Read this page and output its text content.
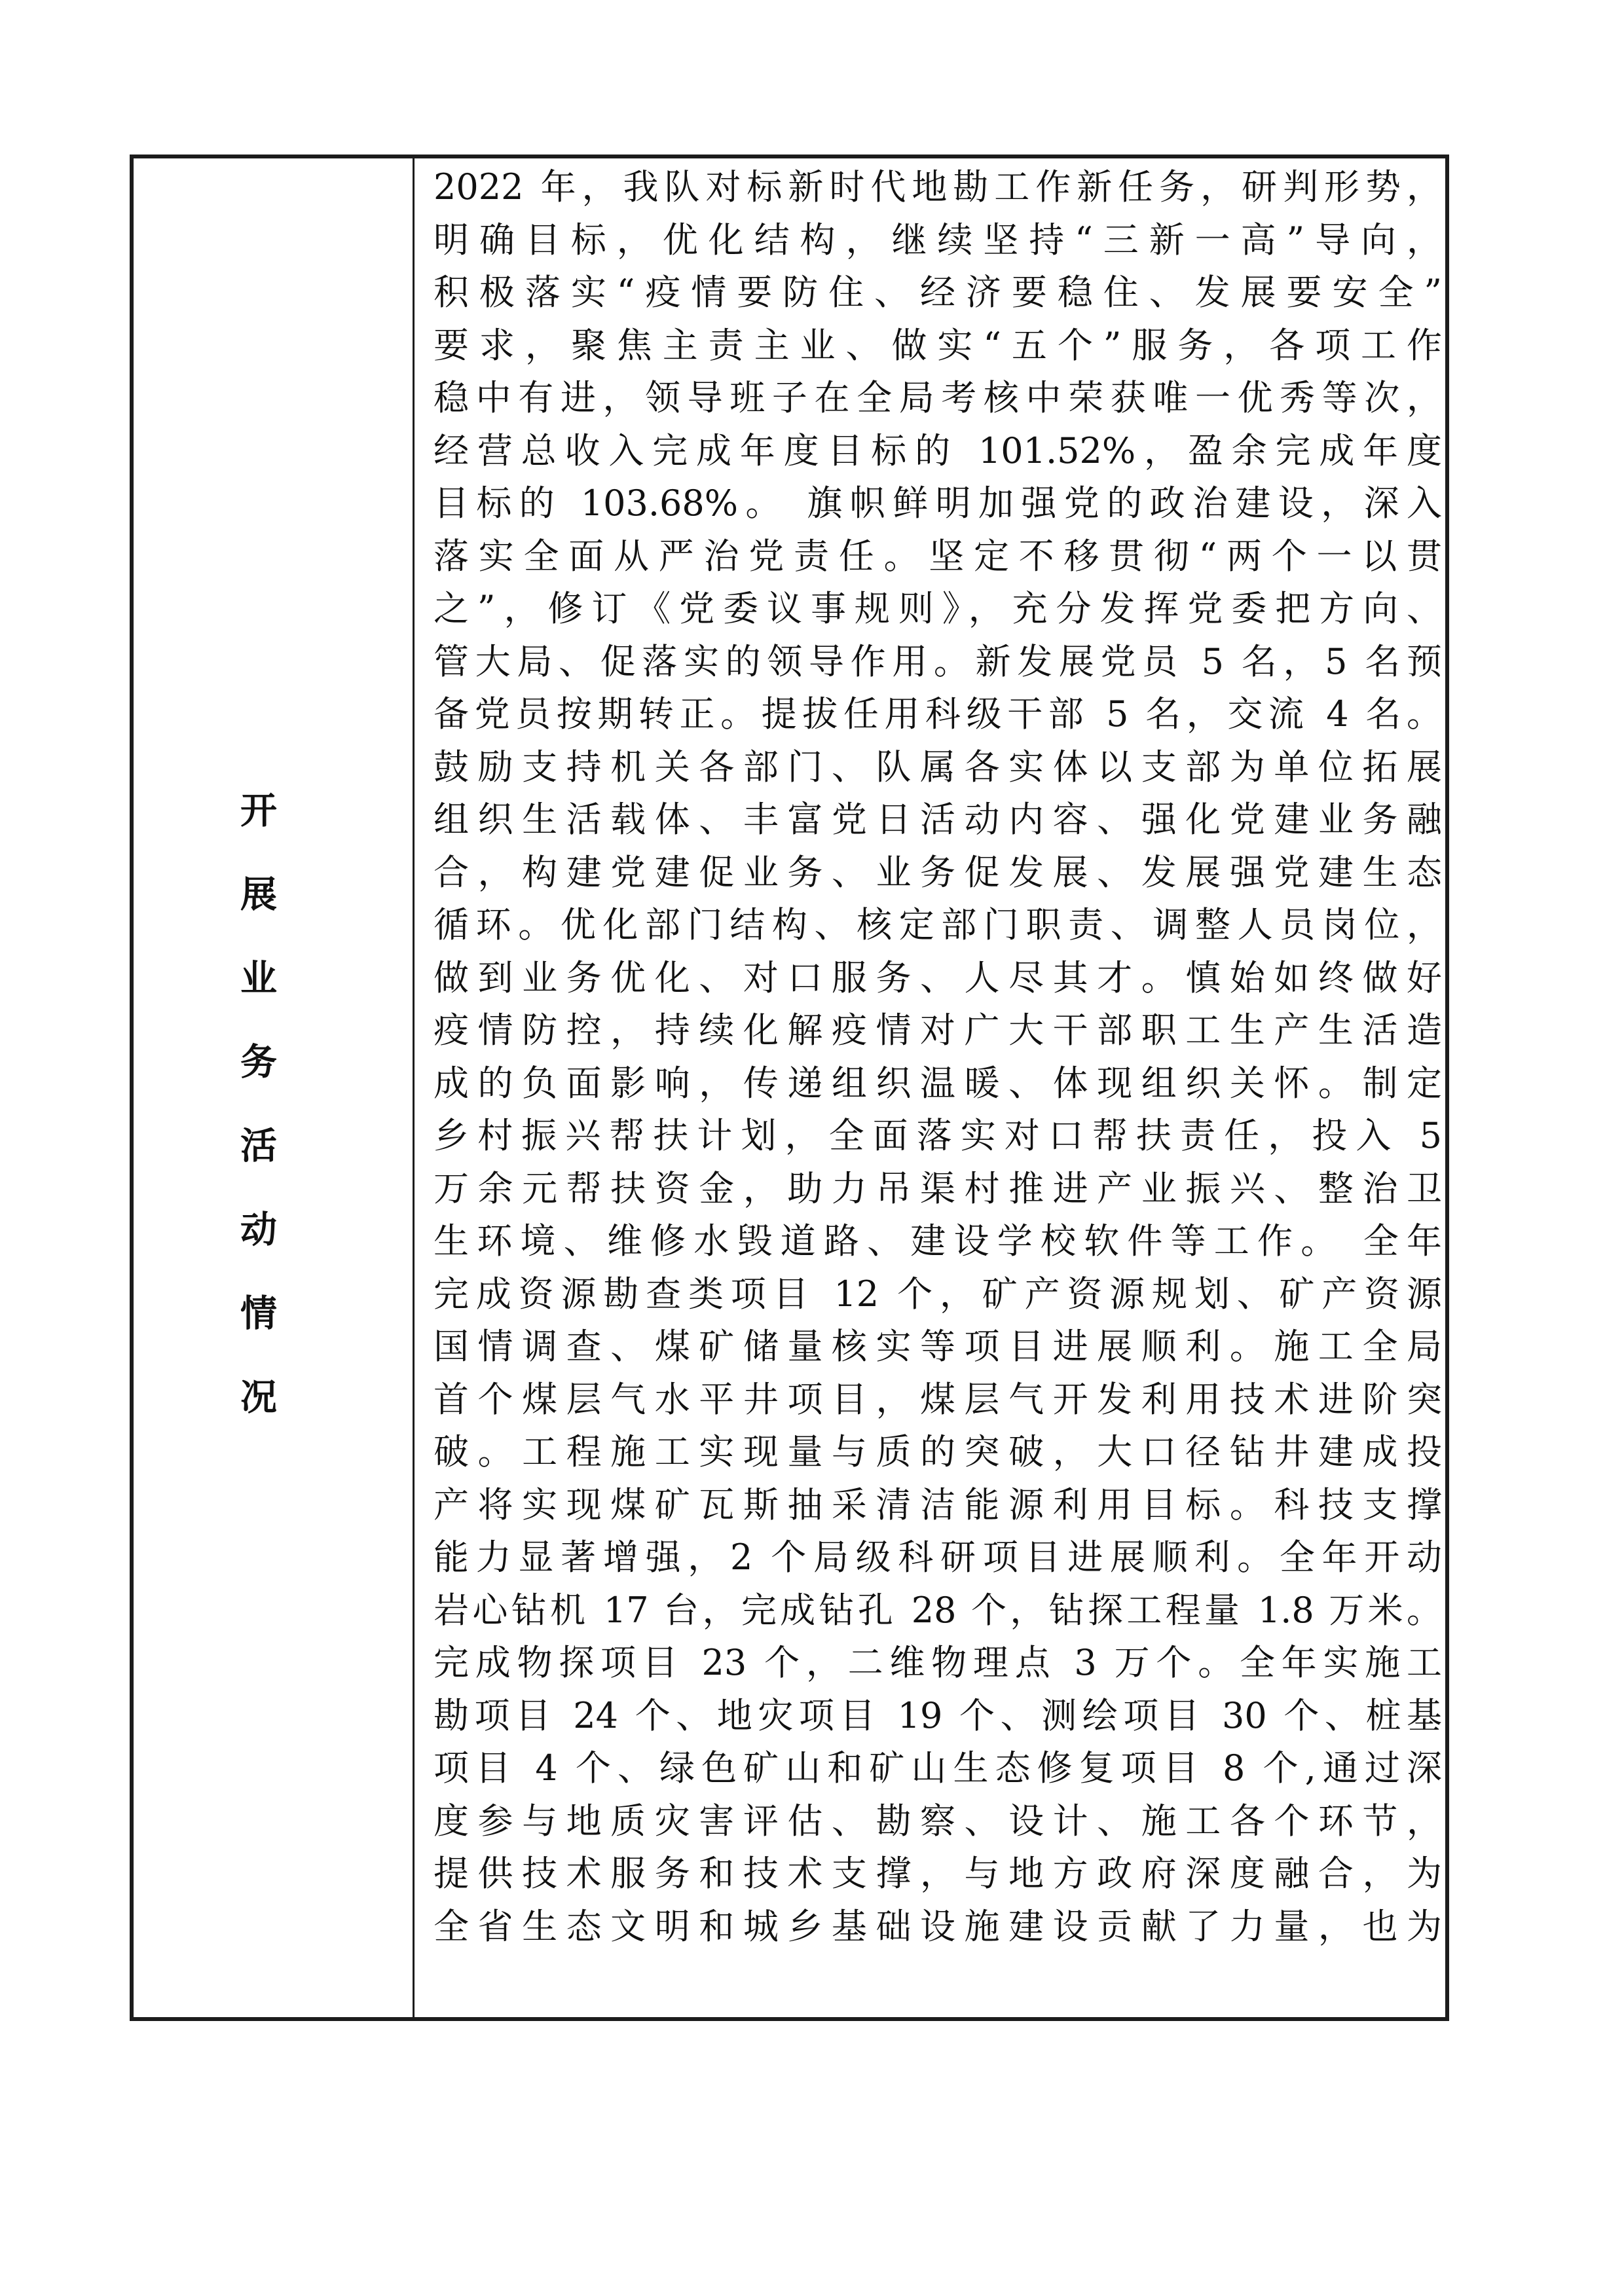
开展业务活动情况
2022 年，我队对标新时代地勘工作新任务，研判形势，
明确目标，优化结构，继续坚持“三新一高”导向，
积极落实“疫情要防住、经济要稳住、发展要安全”
要求，聚焦主责主业、做实“五个”服务，各项工作
稳中有进，领导班子在全局考核中荣获唯一优秀等次，
经营总收入完成年度目标的 101.52%，盈余完成年度
目标的 103.68%。 旗帜鲜明加强党的政治建设，深入
落实全面从严治党责任。坚定不移贯彻“两个一以贯
之”，修订《党委议事规则》，充分发挥党委把方向、
管大局、促落实的领导作用。新发展党员 5 名，5 名预
备党员按期转正。提拔任用科级干部 5 名，交流 4 名。
鼓励支持机关各部门、队属各实体以支部为单位拓展
组织生活载体、丰富党日活动内容、强化党建业务融
合，构建党建促业务、业务促发展、发展强党建生态
循环。优化部门结构、核定部门职责、调整人员岗位，
做到业务优化、对口服务、人尽其才。慎始如终做好
疫情防控，持续化解疫情对广大干部职工生产生活造
成的负面影响，传递组织温暖、体现组织关怀。制定
乡村振兴帮扶计划，全面落实对口帮扶责任，投入 5
万余元帮扶资金，助力吊渠村推进产业振兴、整治卫
生环境、维修水毁道路、建设学校软件等工作。 全年
完成资源勘查类项目 12 个，矿产资源规划、矿产资源
国情调查、煤矿储量核实等项目进展顺利。施工全局
首个煤层气水平井项目，煤层气开发利用技术进阶突
破。工程施工实现量与质的突破，大口径钻井建成投
产将实现煤矿瓦斯抽采清洁能源利用目标。科技支撑
能力显著增强，2 个局级科研项目进展顺利。全年开动
岩心钻机 17 台，完成钻孔 28 个，钻探工程量 1.8 万米。
完成物探项目 23 个，二维物理点 3 万个。全年实施工
勘项目 24 个、地灾项目 19 个、测绘项目 30 个、桩基
项目 4 个、绿色矿山和矿山生态修复项目 8 个,通过深
度参与地质灾害评估、勘察、设计、施工各个环节，
提供技术服务和技术支撑，与地方政府深度融合，为
全省生态文明和城乡基础设施建设贡献了力量，也为
